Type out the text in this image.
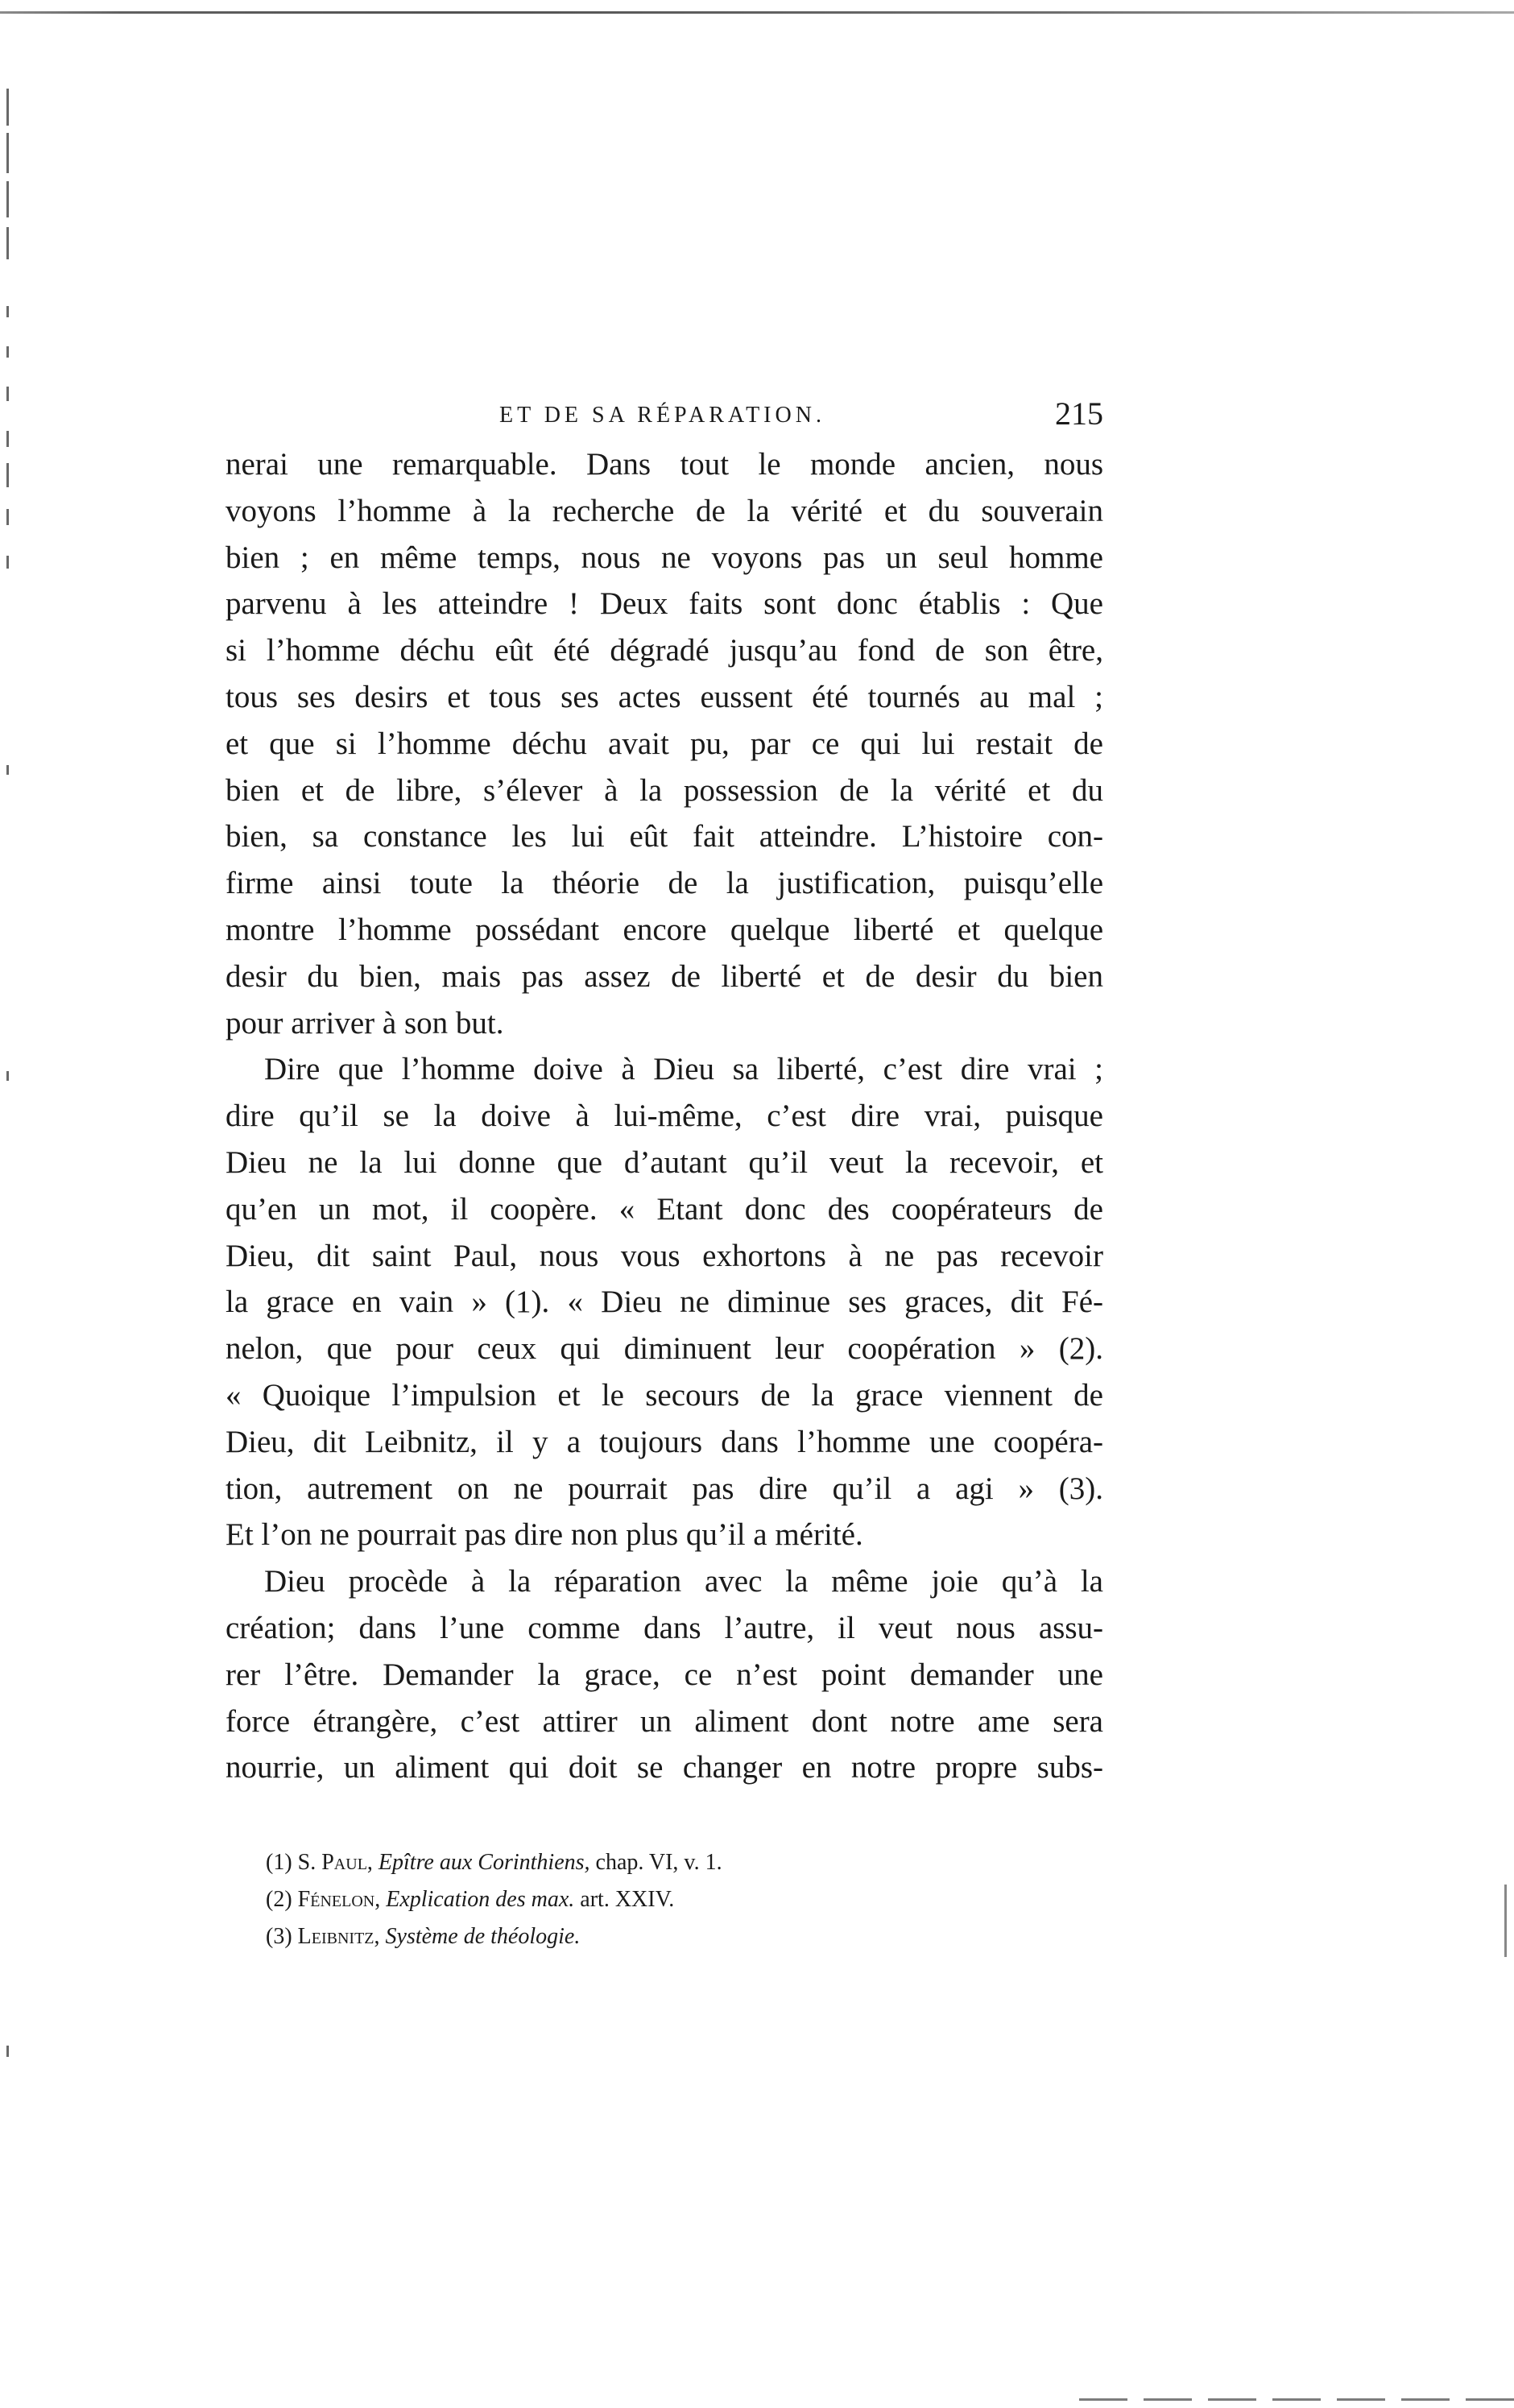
ET DE SA RÉPARATION.	215
nerai une remarquable. Dans tout le monde ancien, nous
voyons l’homme à la recherche de la vérité et du souverain
bien ; en même temps, nous ne voyons pas un seul homme
parvenu à les atteindre ! Deux faits sont donc établis : Que
si l’homme déchu eût été dégradé jusqu’au fond de son être,
tous ses desirs et tous ses actes eussent été tournés au mal ;
et que si l’homme déchu avait pu, par ce qui lui restait de
bien et de libre, s’élever à la possession de la vérité et du
bien, sa constance les lui eût fait atteindre. L’histoire con-
firme ainsi toute la théorie de la justification, puisqu’elle
montre l’homme possédant encore quelque liberté et quelque
desir du bien, mais pas assez de liberté et de desir du bien
pour arriver à son but.
Dire que l’homme doive à Dieu sa liberté, c’est dire vrai ;
dire qu’il se la doive à lui-même, c’est dire vrai, puisque
Dieu ne la lui donne que d’autant qu’il veut la recevoir, et
qu’en un mot, il coopère. « Etant donc des coopérateurs de
Dieu, dit saint Paul, nous vous exhortons à ne pas recevoir
la grace en vain » (1). « Dieu ne diminue ses graces, dit Fé-
nelon, que pour ceux qui diminuent leur coopération » (2).
« Quoique l’impulsion et le secours de la grace viennent de
Dieu, dit Leibnitz, il y a toujours dans l’homme une coopéra-
tion, autrement on ne pourrait pas dire qu’il a agi » (3).
Et l’on ne pourrait pas dire non plus qu’il a mérité.
Dieu procède à la réparation avec la même joie qu’à la
création; dans l’une comme dans l’autre, il veut nous assu-
rer l’être. Demander la grace, ce n’est point demander une
force étrangère, c’est attirer un aliment dont notre ame sera
nourrie, un aliment qui doit se changer en notre propre subs-
(1) S. Paul, Epître aux Corinthiens, chap. VI, v. 1.
(2) Fénelon, Explication des max. art. XXIV.
(3) Leibnitz, Système de théologie.
